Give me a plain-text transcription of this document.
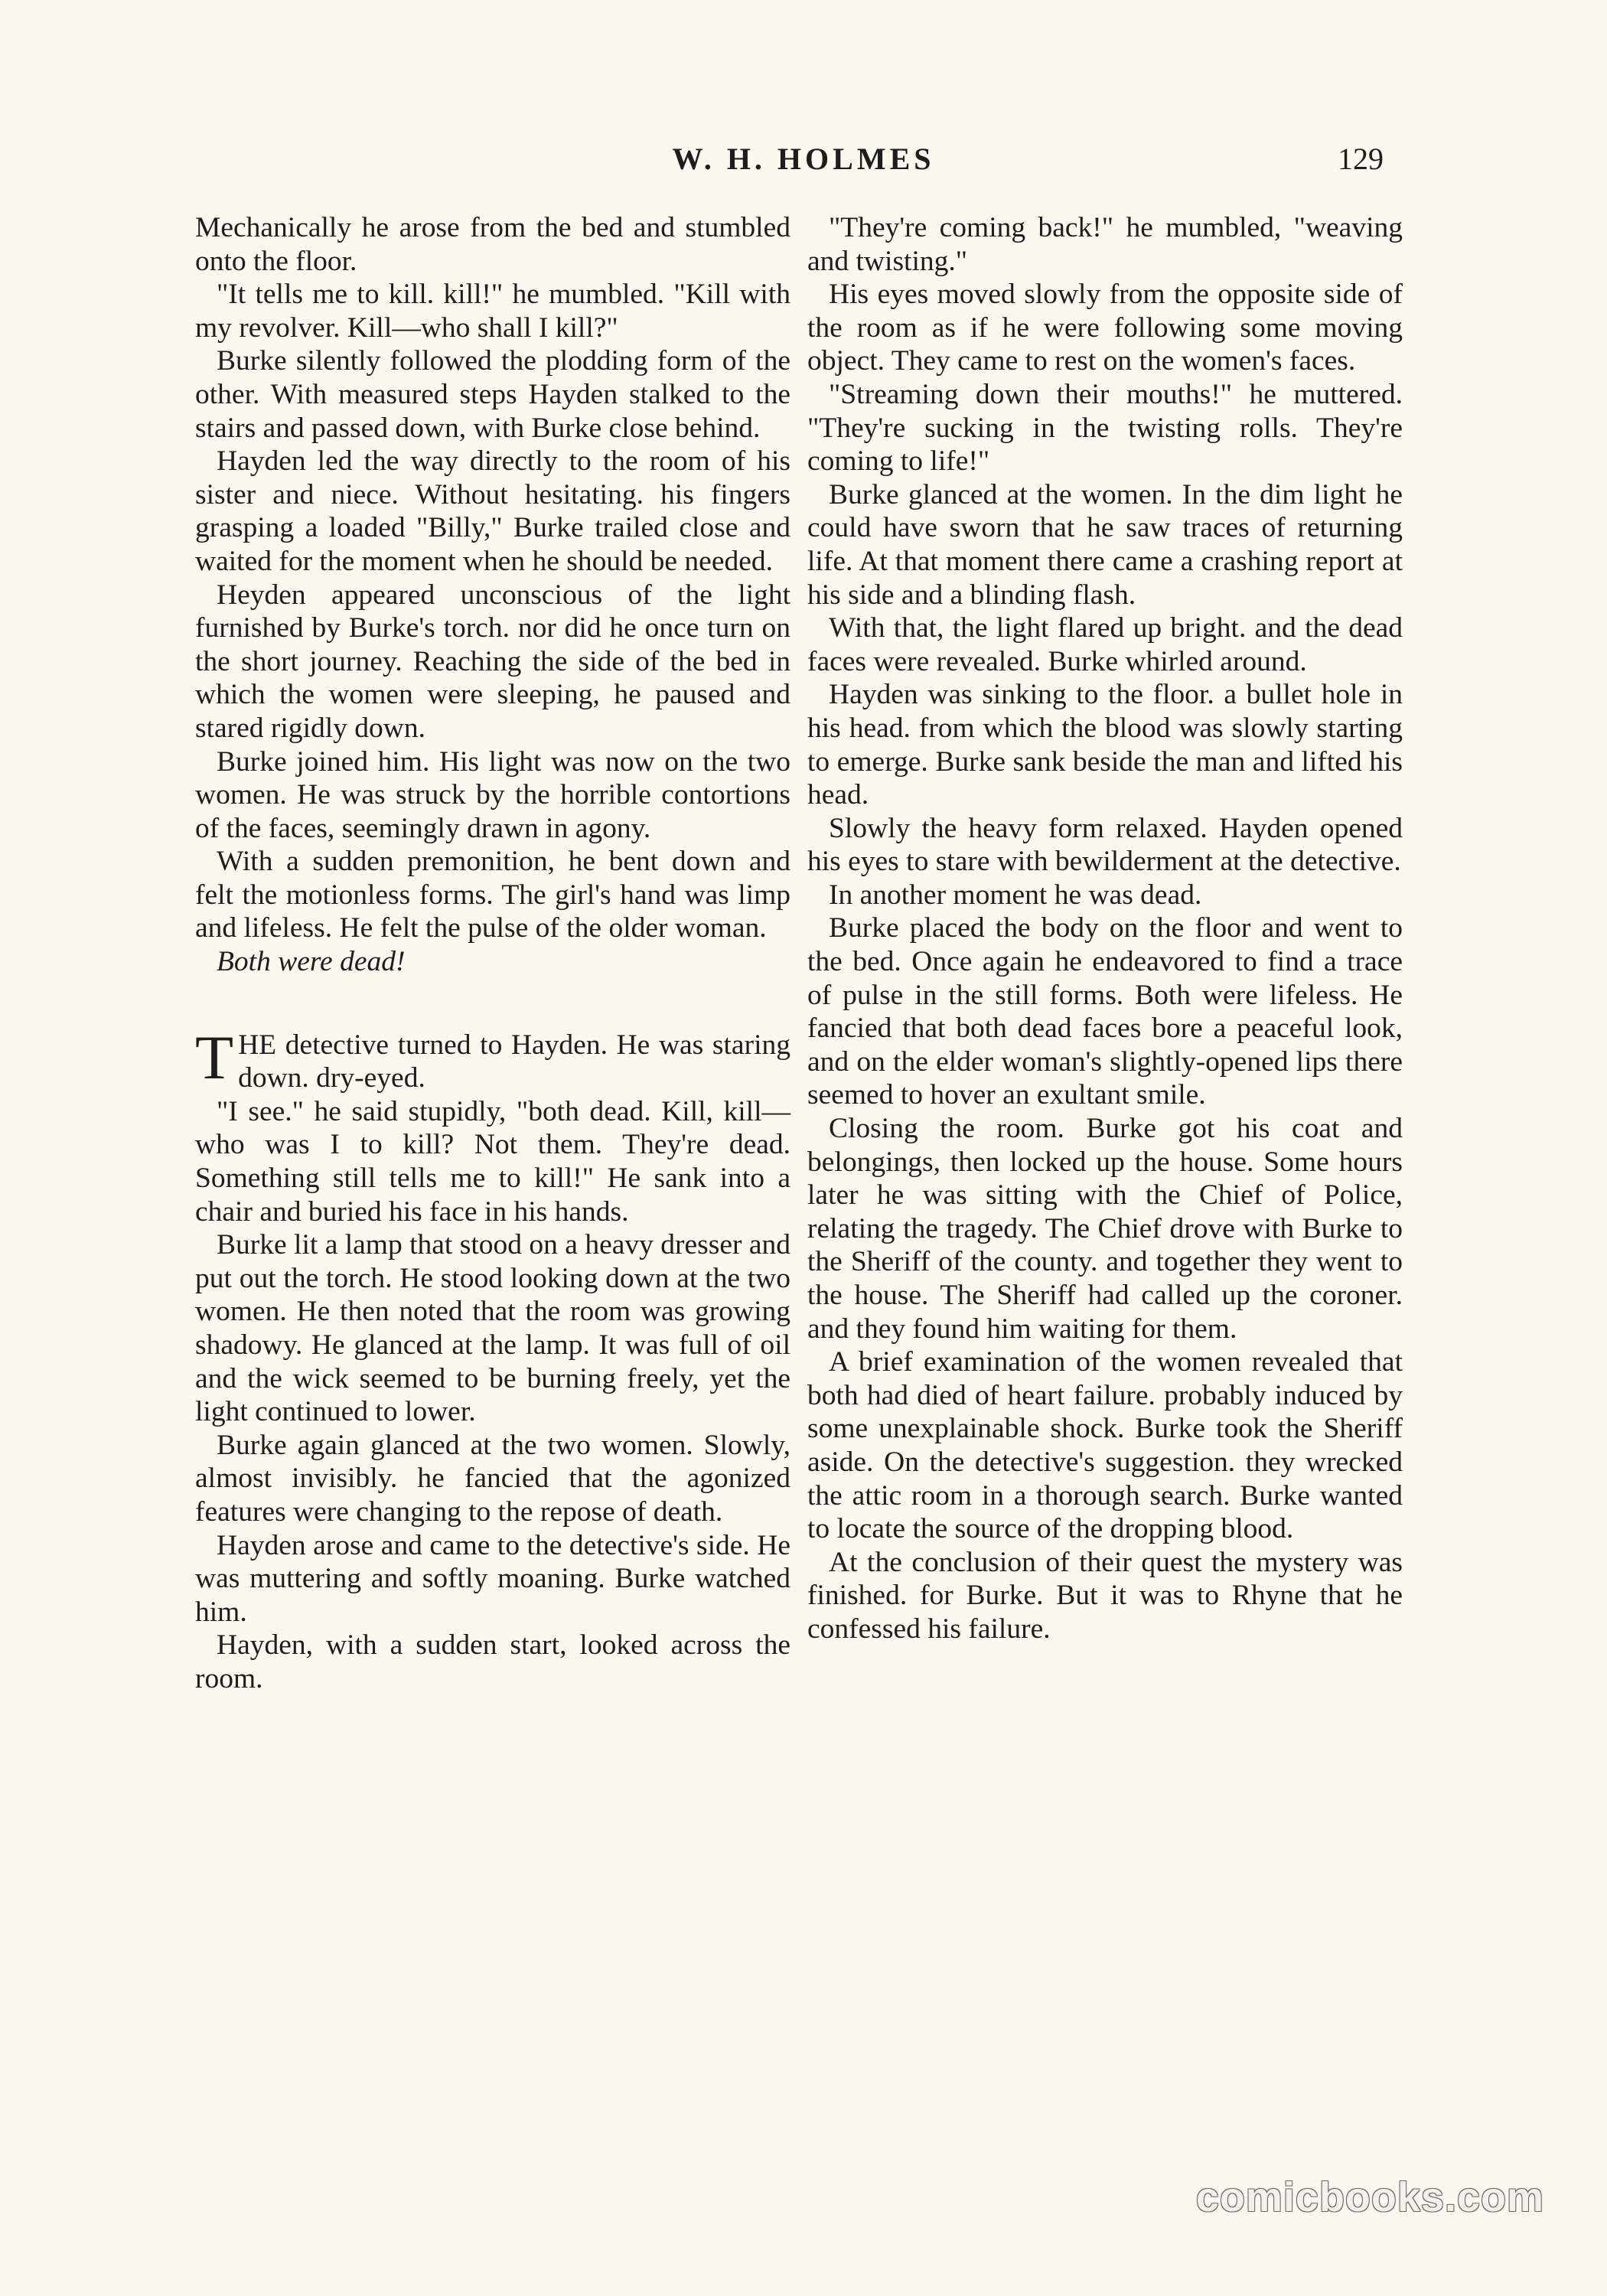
W. H. HOLMES	129

Mechanically he arose from the bed and stumbled onto the floor.

"It tells me to kill. kill!" he mumbled. "Kill with my revolver. Kill—who shall I kill?"

Burke silently followed the plodding form of the other. With measured steps Hayden stalked to the stairs and passed down, with Burke close behind.

Hayden led the way directly to the room of his sister and niece. Without hesitating. his fingers grasping a loaded "Billy," Burke trailed close and waited for the moment when he should be needed.

Heyden appeared unconscious of the light furnished by Burke's torch. nor did he once turn on the short journey. Reaching the side of the bed in which the women were sleeping, he paused and stared rigidly down.

Burke joined him. His light was now on the two women. He was struck by the horrible contortions of the faces, seemingly drawn in agony.

With a sudden premonition, he bent down and felt the motionless forms. The girl's hand was limp and lifeless. He felt the pulse of the older woman.

Both were dead!

THE detective turned to Hayden. He was staring down. dry-eyed.

"I see." he said stupidly, "both dead. Kill, kill—who was I to kill? Not them. They're dead. Something still tells me to kill!" He sank into a chair and buried his face in his hands.

Burke lit a lamp that stood on a heavy dresser and put out the torch. He stood looking down at the two women. He then noted that the room was growing shadowy. He glanced at the lamp. It was full of oil and the wick seemed to be burning freely, yet the light continued to lower.

Burke again glanced at the two women. Slowly, almost invisibly. he fancied that the agonized features were changing to the repose of death.

Hayden arose and came to the detective's side. He was muttering and softly moaning. Burke watched him.

Hayden, with a sudden start, looked across the room.

"They're coming back!" he mumbled, "weaving and twisting."

His eyes moved slowly from the opposite side of the room as if he were following some moving object. They came to rest on the women's faces.

"Streaming down their mouths!" he muttered. "They're sucking in the twisting rolls. They're coming to life!"

Burke glanced at the women. In the dim light he could have sworn that he saw traces of returning life. At that moment there came a crashing report at his side and a blinding flash.

With that, the light flared up bright. and the dead faces were revealed. Burke whirled around.

Hayden was sinking to the floor. a bullet hole in his head. from which the blood was slowly starting to emerge. Burke sank beside the man and lifted his head.

Slowly the heavy form relaxed. Hayden opened his eyes to stare with bewilderment at the detective.

In another moment he was dead.

Burke placed the body on the floor and went to the bed. Once again he endeavored to find a trace of pulse in the still forms. Both were lifeless. He fancied that both dead faces bore a peaceful look, and on the elder woman's slightly-opened lips there seemed to hover an exultant smile.

Closing the room. Burke got his coat and belongings, then locked up the house. Some hours later he was sitting with the Chief of Police, relating the tragedy. The Chief drove with Burke to the Sheriff of the county. and together they went to the house. The Sheriff had called up the coroner. and they found him waiting for them.

A brief examination of the women revealed that both had died of heart failure. probably induced by some unexplainable shock. Burke took the Sheriff aside. On the detective's suggestion. they wrecked the attic room in a thorough search. Burke wanted to locate the source of the dropping blood.

At the conclusion of their quest the mystery was finished. for Burke. But it was to Rhyne that he confessed his failure.

comicbooks.com
